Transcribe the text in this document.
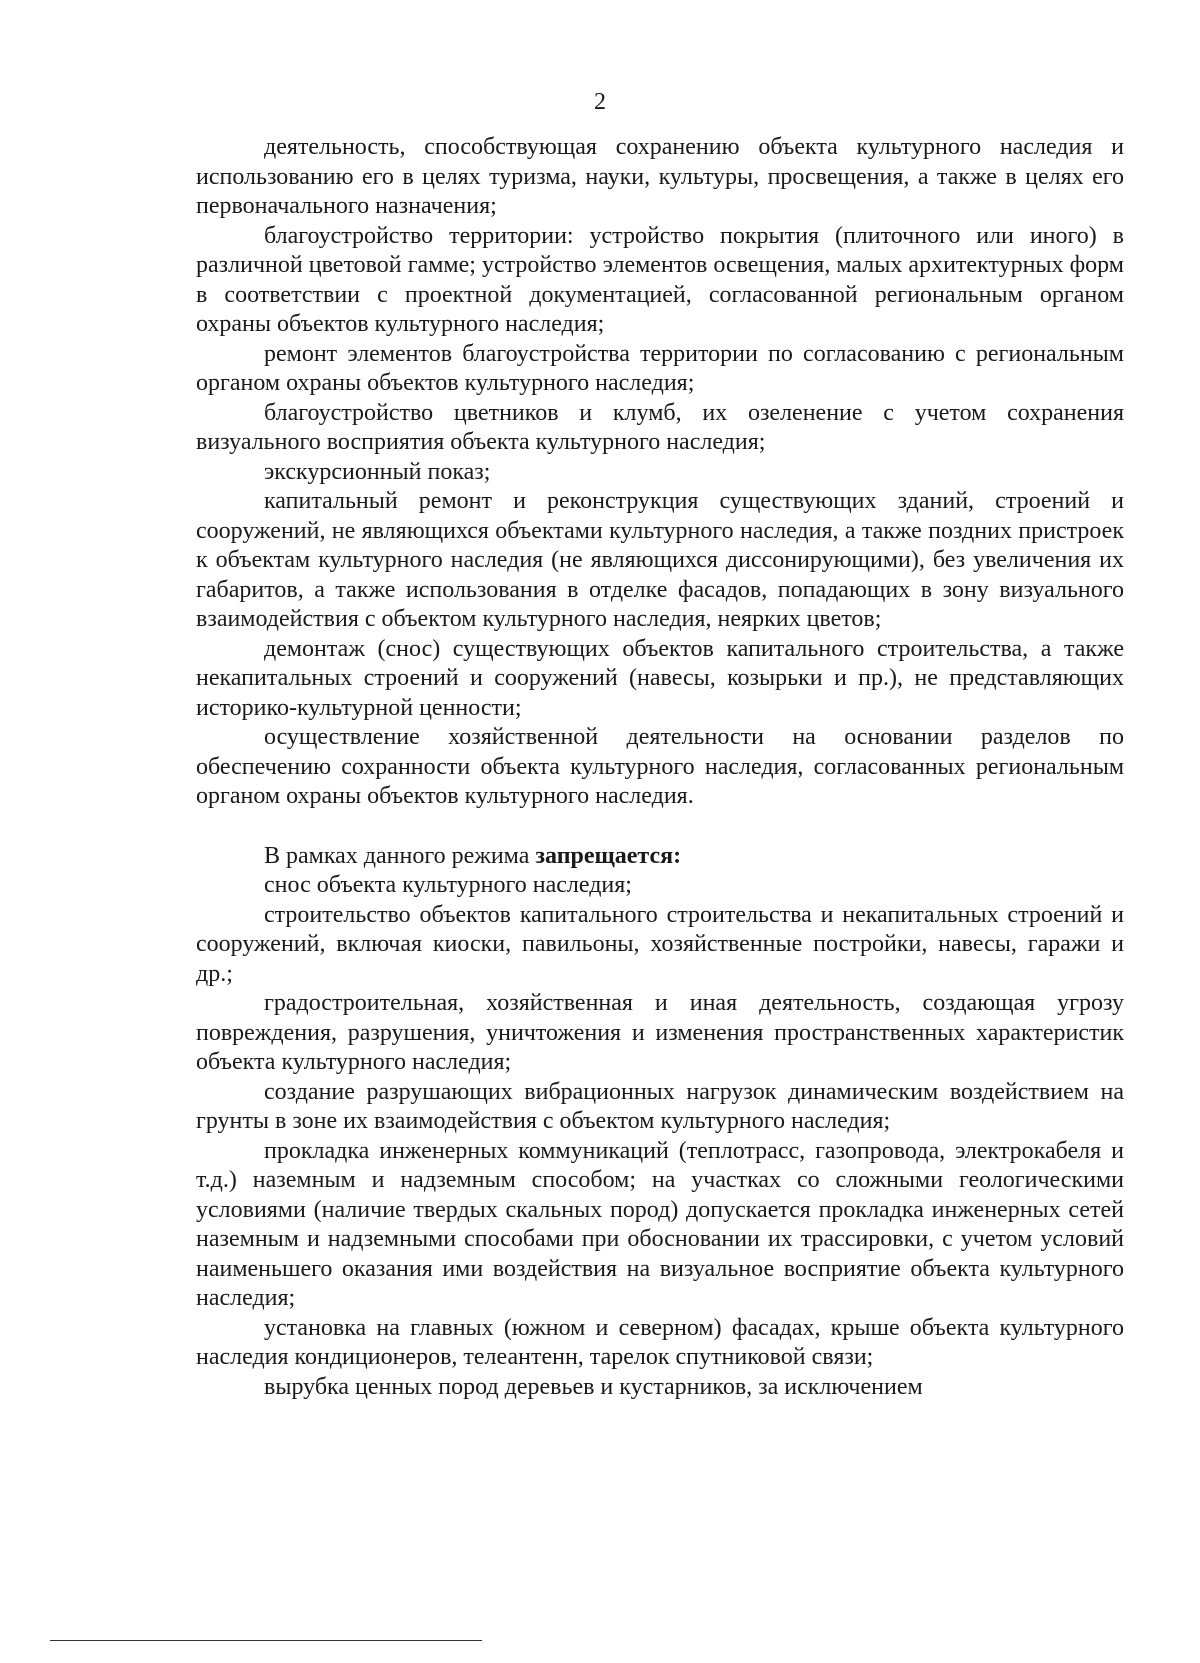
2

деятельность, способствующая сохранению объекта культурного наследия и использованию его в целях туризма, науки, культуры, просвещения, а также в целях его первоначального назначения;

благоустройство территории: устройство покрытия (плиточного или иного) в различной цветовой гамме; устройство элементов освещения, малых архитектурных форм в соответствии с проектной документацией, согласованной региональным органом охраны объектов культурного наследия;

ремонт элементов благоустройства территории по согласованию с региональным органом охраны объектов культурного наследия;

благоустройство цветников и клумб, их озеленение с учетом сохранения визуального восприятия объекта культурного наследия;

экскурсионный показ;

капитальный ремонт и реконструкция существующих зданий, строений и сооружений, не являющихся объектами культурного наследия, а также поздних пристроек к объектам культурного наследия (не являющихся диссонирующими), без увеличения их габаритов, а также использования в отделке фасадов, попадающих в зону визуального взаимодействия с объектом культурного наследия, неярких цветов;

демонтаж (снос) существующих объектов капитального строительства, а также некапитальных строений и сооружений (навесы, козырьки и пр.), не представляющих историко-культурной ценности;

осуществление хозяйственной деятельности на основании разделов по обеспечению сохранности объекта культурного наследия, согласованных региональным органом охраны объектов культурного наследия.

В рамках данного режима запрещается:

снос объекта культурного наследия;

строительство объектов капитального строительства и некапитальных строений и сооружений, включая киоски, павильоны, хозяйственные постройки, навесы, гаражи и др.;

градостроительная, хозяйственная и иная деятельность, создающая угрозу повреждения, разрушения, уничтожения и изменения пространственных характеристик объекта культурного наследия;

создание разрушающих вибрационных нагрузок динамическим воздействием на грунты в зоне их взаимодействия с объектом культурного наследия;

прокладка инженерных коммуникаций (теплотрасс, газопровода, электрокабеля и т.д.) наземным и надземным способом; на участках со сложными геологическими условиями (наличие твердых скальных пород) допускается прокладка инженерных сетей наземным и надземными способами при обосновании их трассировки, с учетом условий наименьшего оказания ими воздействия на визуальное восприятие объекта культурного наследия;

установка на главных (южном и северном) фасадах, крыше объекта культурного наследия кондиционеров, телеантенн, тарелок спутниковой связи;

вырубка ценных пород деревьев и кустарников, за исключением
